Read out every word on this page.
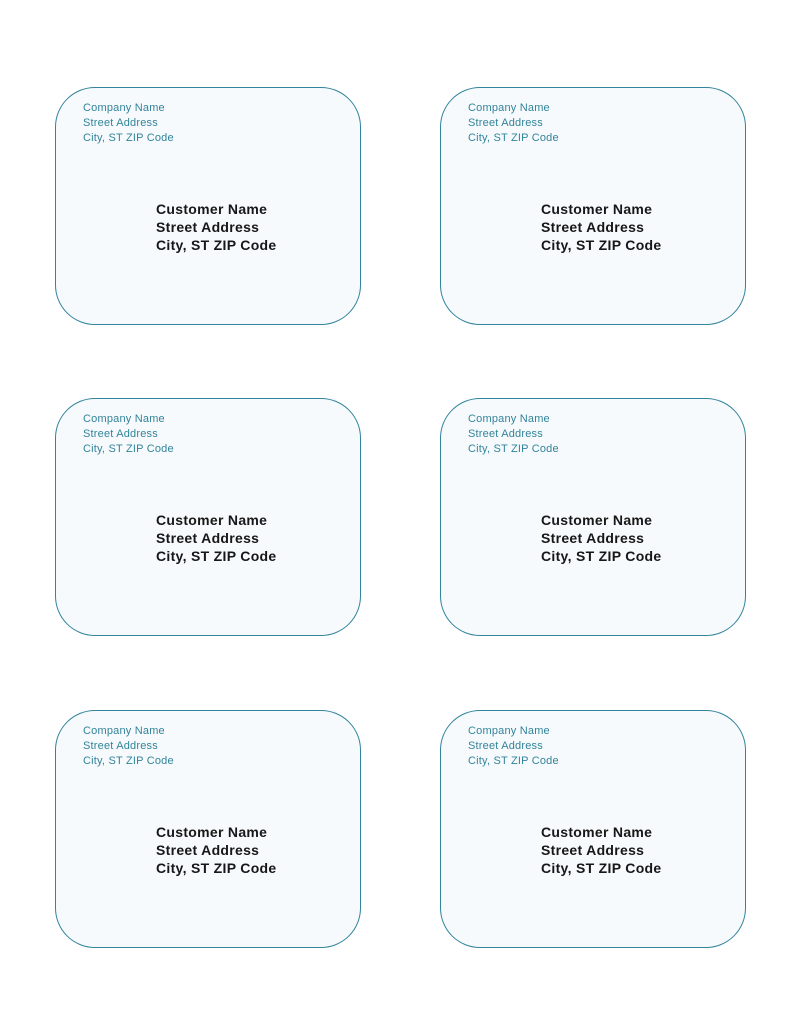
Company Name
Street Address
City, ST ZIP Code
Customer Name
Street Address
City, ST ZIP Code
Company Name
Street Address
City, ST ZIP Code
Customer Name
Street Address
City, ST ZIP Code
Company Name
Street Address
City, ST ZIP Code
Customer Name
Street Address
City, ST ZIP Code
Company Name
Street Address
City, ST ZIP Code
Customer Name
Street Address
City, ST ZIP Code
Company Name
Street Address
City, ST ZIP Code
Customer Name
Street Address
City, ST ZIP Code
Company Name
Street Address
City, ST ZIP Code
Customer Name
Street Address
City, ST ZIP Code
